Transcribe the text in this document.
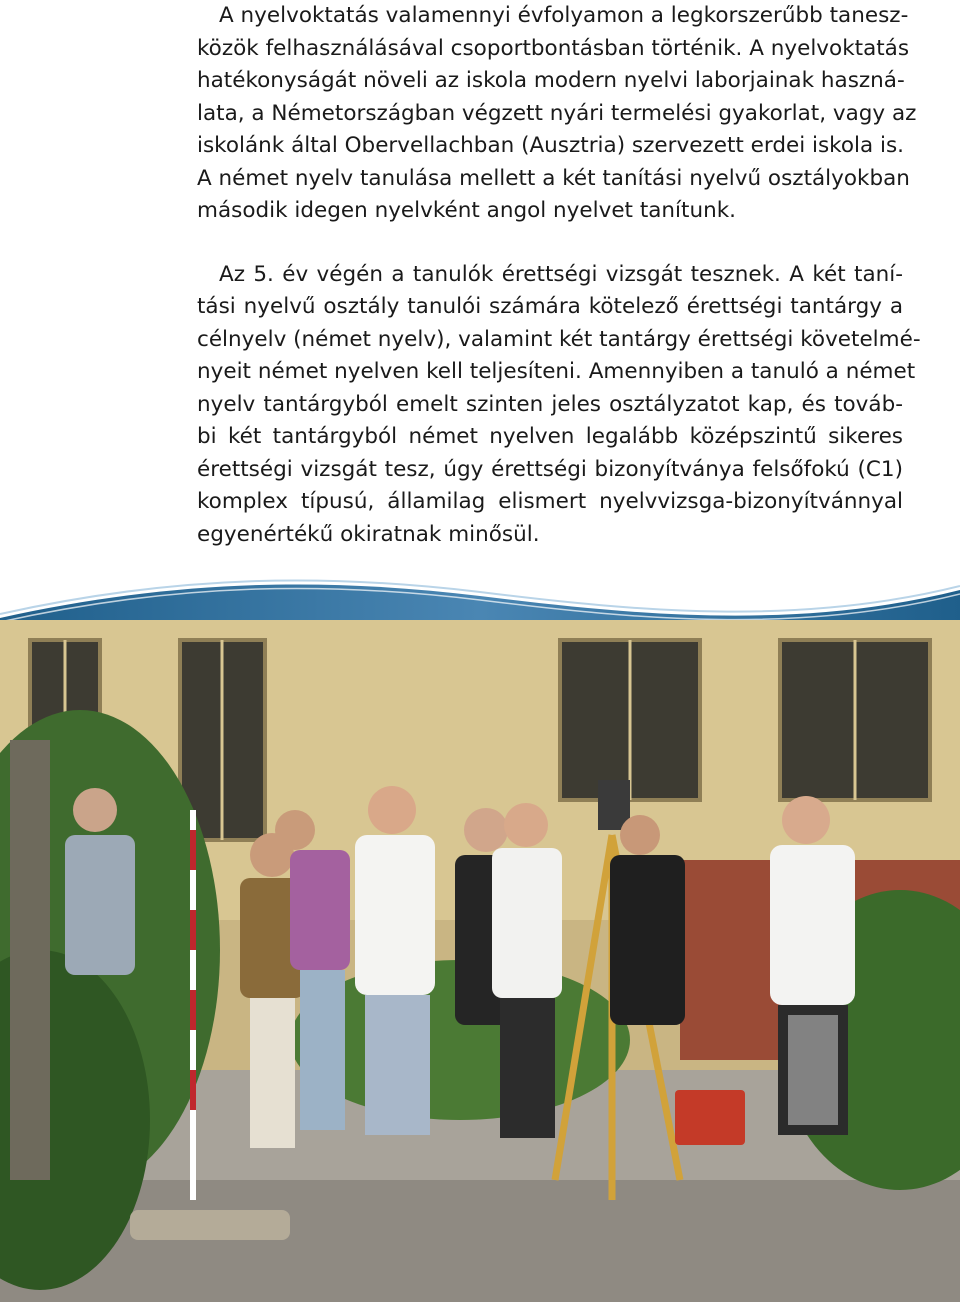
A nyelvoktatás valamennyi évfolyamon a legkorszerűbb tanesz-
közök felhasználásával csoportbontásban történik. A nyelvoktatás
hatékonyságát növeli az iskola modern nyelvi laborjainak haszná-
lata, a Németországban végzett nyári termelési gyakorlat, vagy az
iskolánk által Obervellachban (Ausztria) szervezett erdei iskola is.
A német nyelv tanulása mellett a két tanítási nyelvű osztályokban
második idegen nyelvként angol nyelvet tanítunk.
Az 5. év végén a tanulók érettségi vizsgát tesznek. A két taní-
tási nyelvű osztály tanulói számára kötelező érettségi tantárgy a
célnyelv (német nyelv), valamint két tantárgy érettségi követelmé-
nyeit német nyelven kell teljesíteni. Amennyiben a tanuló a német
nyelv tantárgyból emelt szinten jeles osztályzatot kap, és továb-
bi két tantárgyból német nyelven legalább középszintű sikeres
érettségi vizsgát tesz, úgy érettségi bizonyítványa felsőfokú (C1)
komplex típusú, államilag elismert nyelvvizsga-bizonyítvánnyal
egyenértékű okiratnak minősül.
